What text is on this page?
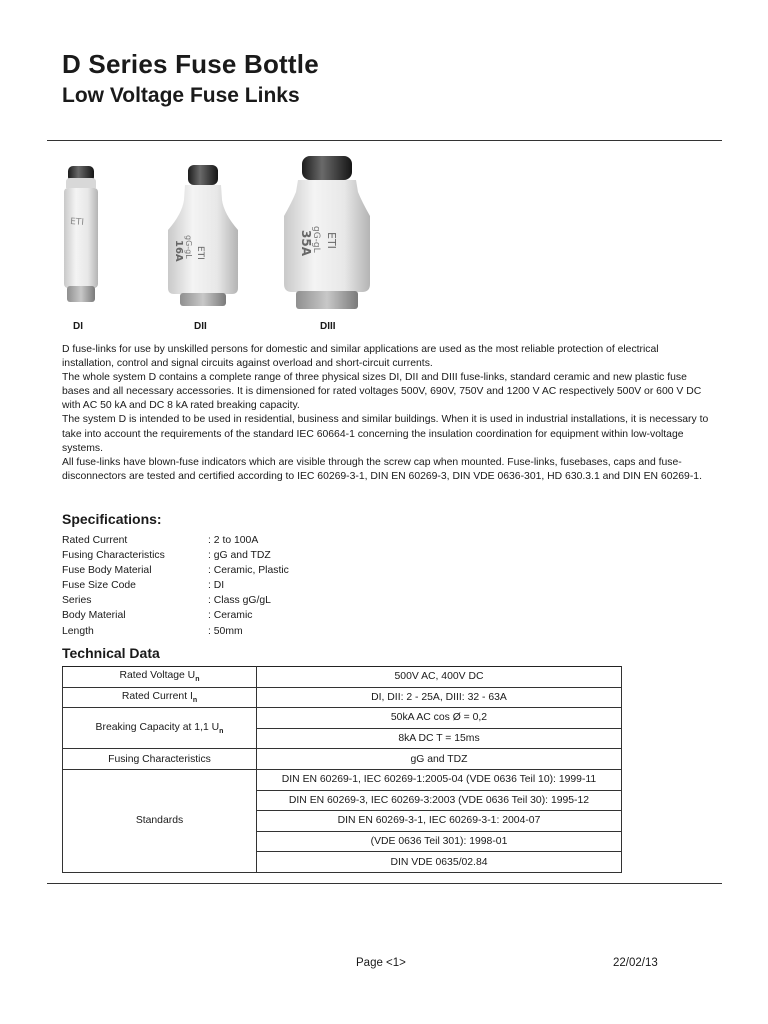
D Series Fuse Bottle
Low Voltage Fuse Links
ETI
ETI
gG-gL
16A	ETI
gG-gL
35A
DI	DII	DIII

D fuse-links for use by unskilled persons for domestic and similar applications are used as the most reliable protection of electrical installation, control and signal circuits against overload and short-circuit currents.

The whole system D contains a complete range of three physical sizes DI, DII and DIII fuse-links, standard ceramic and new plastic fuse bases and all necessary accessories. It is dimensioned for rated voltages 500V, 690V, 750V and 1200 V AC respectively 500V or 600 V DC with AC 50 kA and DC 8 kA rated breaking capacity.

The system D is intended to be used in residential, business and similar buildings. When it is used in industrial installations, it is necessary to take into account the requirements of the standard IEC 60664-1 concerning the insulation coordination for equipment within low-voltage systems.

All fuse-links have blown-fuse indicators which are visible through the screw cap when mounted. Fuse-links, fusebases, caps and fuse-disconnectors are tested and certified according to IEC 60269-3-1, DIN EN 60269-3, DIN VDE 0636-301, HD 630.3.1 and DIN EN 60269-1.

Specifications:
Rated Current	: 2 to 100A
Fusing Characteristics	: gG and TDZ
Fuse Body Material	: Ceramic, Plastic
Fuse Size Code	: DI
Series	: Class gG/gL
Body Material	: Ceramic
Length	: 50mm
Technical Data
Rated Voltage $U_n$	500V AC, 400V DC
Rated Current $I_n$	DI, DII: 2 - 25A, DIII: 32 - 63A
Breaking Capacity at 1,1 $U_n$	50kA AC cos Ø = 0,2
	8kA DC T = 15ms
Fusing Characteristics	gG and TDZ
Standards	DIN EN 60269-1, IEC 60269-1:2005-04 (VDE 0636 Teil 10): 1999-11
	DIN EN 60269-3, IEC 60269-3:2003 (VDE 0636 Teil 30): 1995-12
	DIN EN 60269-3-1, IEC 60269-3-1: 2004-07
	(VDE 0636 Teil 301): 1998-01
	DIN VDE 0635/02.84
Page <1>	22/02/13
